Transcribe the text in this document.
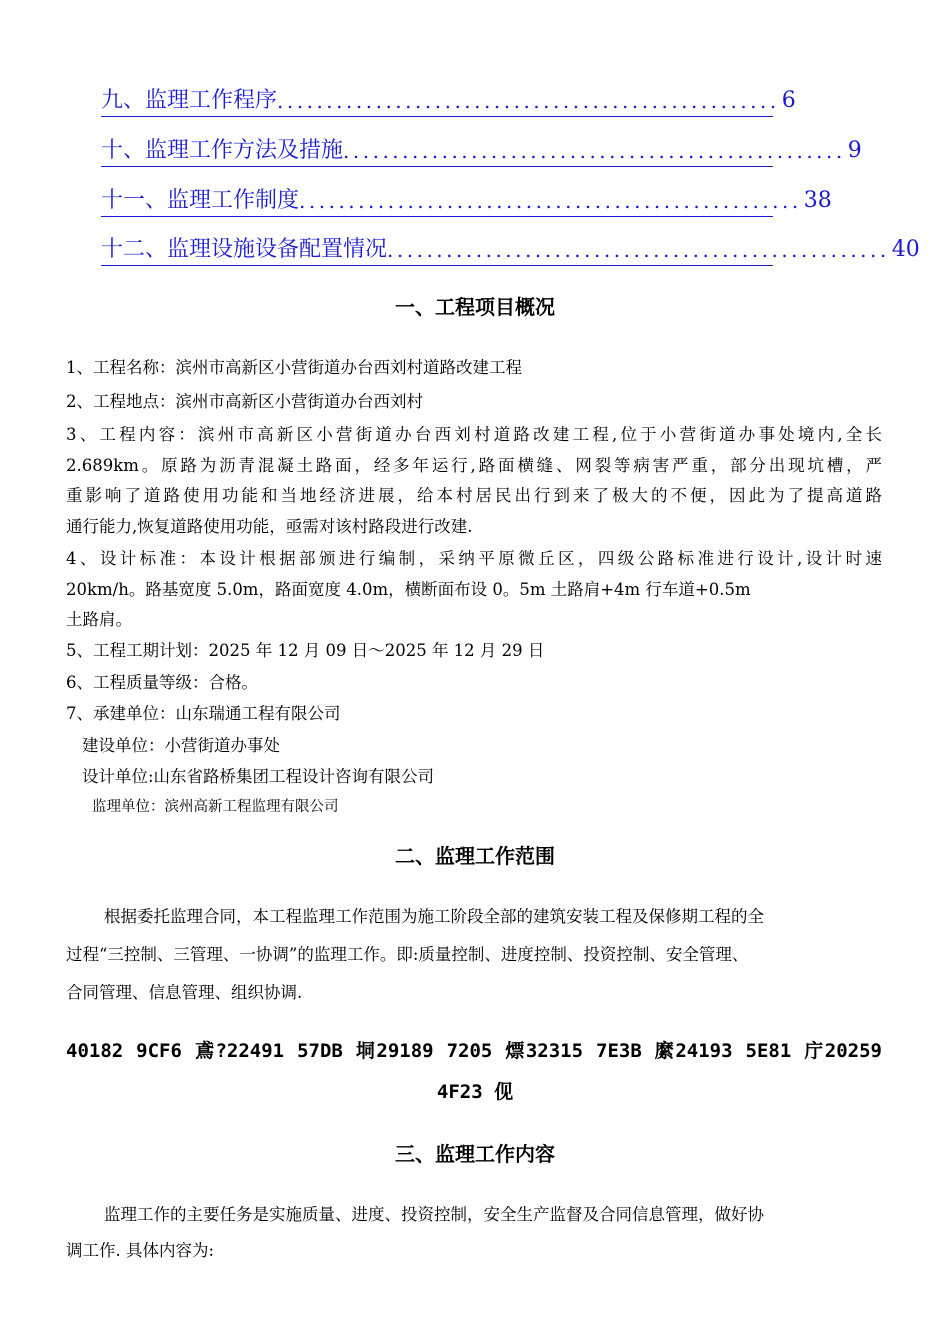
九、监理工作程序 ................................................... 6
十、监理工作方法及措施 ................................................... 9
十一、监理工作制度 ................................................... 38
十二、监理设施设备配置情况 ................................................... 40
一、工程项目概况
1、工程名称：滨州市高新区小营街道办台西刘村道路改建工程
2、工程地点：滨州市高新区小营街道办台西刘村
3、工程内容：滨州市高新区小营街道办台西刘村道路改建工程,位于小营街道办事处境内,全长
2.689km。原路为沥青混凝土路面，经多年运行,路面横缝、网裂等病害严重，部分出现坑槽，严
重影响了道路使用功能和当地经济进展，给本村居民出行到来了极大的不便，因此为了提高道路
通行能力,恢复道路使用功能，亟需对该村路段进行改建.
4、设计标准：本设计根据部颁进行编制，采纳平原微丘区，四级公路标准进行设计,设计时速
20km/h。路基宽度 5.0m，路面宽度 4.0m，横断面布设 0。5m 土路肩+4m 行车道+0.5m
土路肩。
5、工程工期计划：2025 年 12 月 09 日～2025 年 12 月 29 日
6、工程质量等级：合格。
7、承建单位：山东瑞通工程有限公司
建设单位：小营街道办事处
设计单位:山东省路桥集团工程设计咨询有限公司
监理单位：滨州高新工程监理有限公司
二、监理工作范围
根据委托监理合同，本工程监理工作范围为施工阶段全部的建筑安装工程及保修期工程的全
过程“三控制、三管理、一协调”的监理工作。即:质量控制、进度控制、投资控制、安全管理、
合同管理、信息管理、组织协调.
40182 9CF6 鳶?22491 57DB 垌29189 7205 熛32315 7E3B 縻24193 5E81 庁20259
4F23 伣
三、监理工作内容
监理工作的主要任务是实施质量、进度、投资控制，安全生产监督及合同信息管理，做好协
调工作. 具体内容为:
